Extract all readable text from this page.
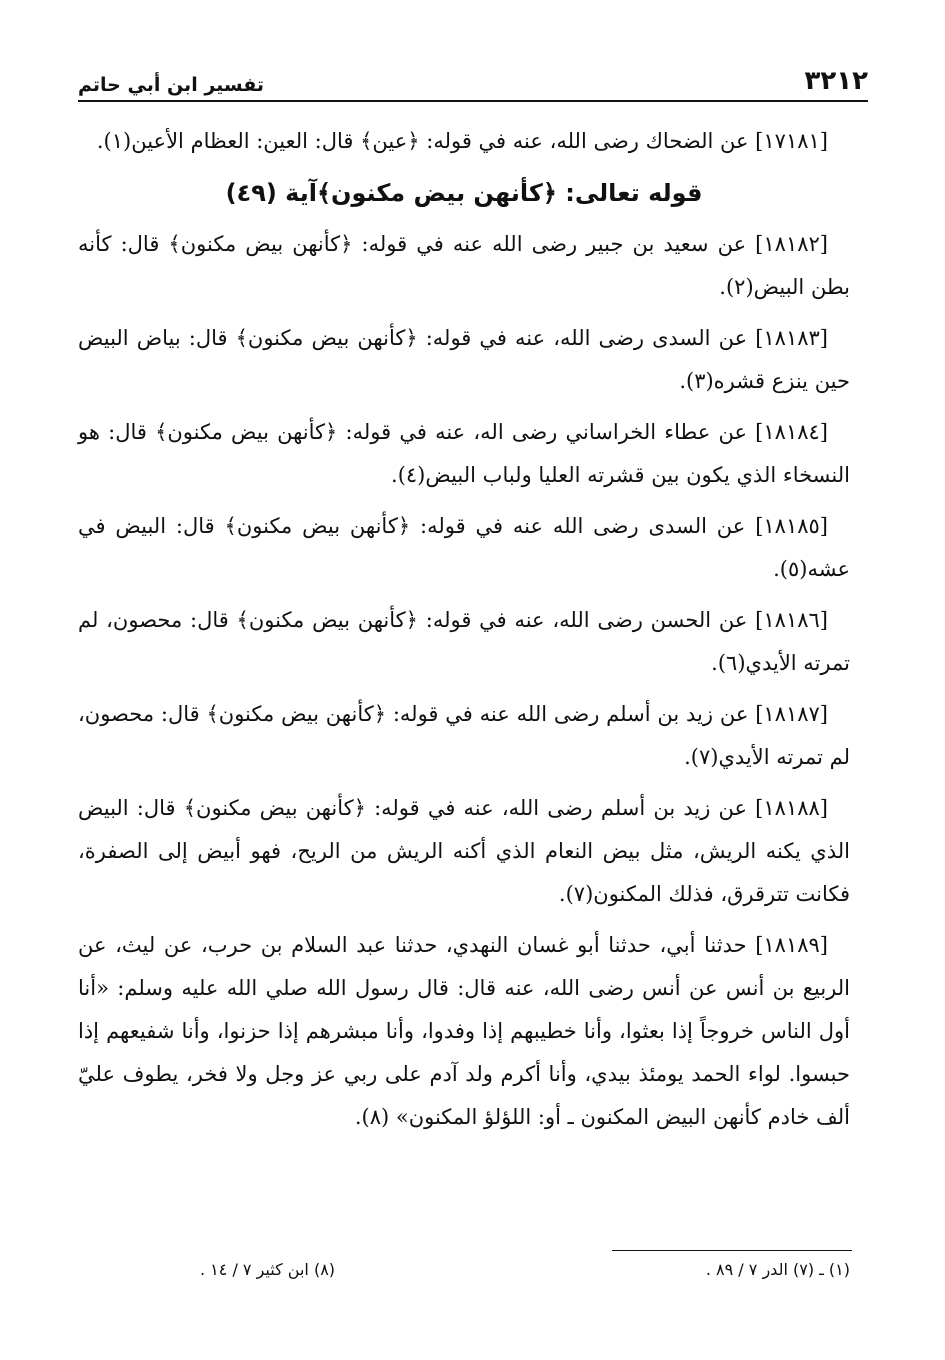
٣٢١٢
تفسير ابن أبي حاتم

[١٧١٨١] عن الضحاك رضى الله، عنه في قوله: ﴿عين﴾ قال: العين: العظام الأعين(١).

قوله تعالى: ﴿كأنهن بيض مكنون﴾آية (٤٩)

[١٨١٨٢] عن سعيد بن جبير رضى الله عنه في قوله: ﴿كأنهن بيض مكنون﴾ قال: كأنه بطن البيض(٢).

[١٨١٨٣] عن السدى رضى الله، عنه في قوله: ﴿كأنهن بيض مكنون﴾ قال: بياض البيض حين ينزع قشره(٣).

[١٨١٨٤] عن عطاء الخراساني رضى اله، عنه في قوله: ﴿كأنهن بيض مكنون﴾ قال: هو النسخاء الذي يكون بين قشرته العليا ولباب البيض(٤).

[١٨١٨٥] عن السدى رضى الله عنه في قوله: ﴿كأنهن بيض مكنون﴾ قال: البيض في عشه(٥).

[١٨١٨٦] عن الحسن رضى الله، عنه في قوله: ﴿كأنهن بيض مكنون﴾ قال: محصون، لم تمرته الأيدي(٦).

[١٨١٨٧] عن زيد بن أسلم رضى الله عنه في قوله: ﴿كأنهن بيض مكنون﴾ قال: محصون، لم تمرته الأيدي(٧).

[١٨١٨٨] عن زيد بن أسلم رضى الله، عنه في قوله: ﴿كأنهن بيض مكنون﴾ قال: البيض الذي يكنه الريش، مثل بيض النعام الذي أكنه الريش من الريح، فهو أبيض إلى الصفرة، فكانت تترقرق، فذلك المكنون(٧).

[١٨١٨٩] حدثنا أبي، حدثنا أبو غسان النهدي، حدثنا عبد السلام بن حرب، عن ليث، عن الربيع بن أنس عن أنس رضى الله، عنه قال: قال رسول الله صلي الله عليه وسلم: «أنا أول الناس خروجاً إذا بعثوا، وأنا خطيبهم إذا وفدوا، وأنا مبشرهم إذا حزنوا، وأنا شفيعهم إذا حبسوا. لواء الحمد يومئذ بيدي، وأنا أكرم ولد آدم على ربي عز وجل ولا فخر، يطوف عليّ ألف خادم كأنهن البيض المكنون ـ أو: اللؤلؤ المكنون» (٨).

(١) ـ (٧) الدر ٧ / ٨٩ .
(٨) ابن كثير ٧ / ١٤ .
